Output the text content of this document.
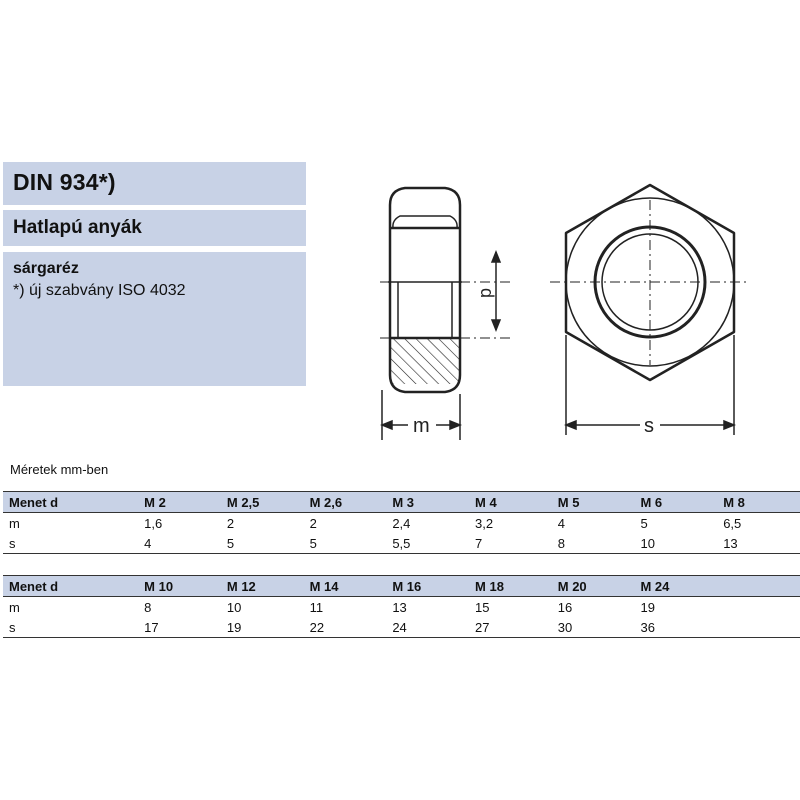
DIN 934*)
Hatlapú anyák
sárgaréz
*) új szabvány ISO 4032	d
m	s
Méretek mm-ben
Menet d	M 2	M 2,5	M 2,6	M 3	M 4	M 5	M 6	M 8
m	1,6	2	2	2,4	3,2	4	5	6,5
s	4	5	5	5,5	7	8	10	13
Menet d	M 10	M 12	M 14	M 16	M 18	M 20	M 24	
m	8	10	11	13	15	16	19	
s	17	19	22	24	27	30	36	
